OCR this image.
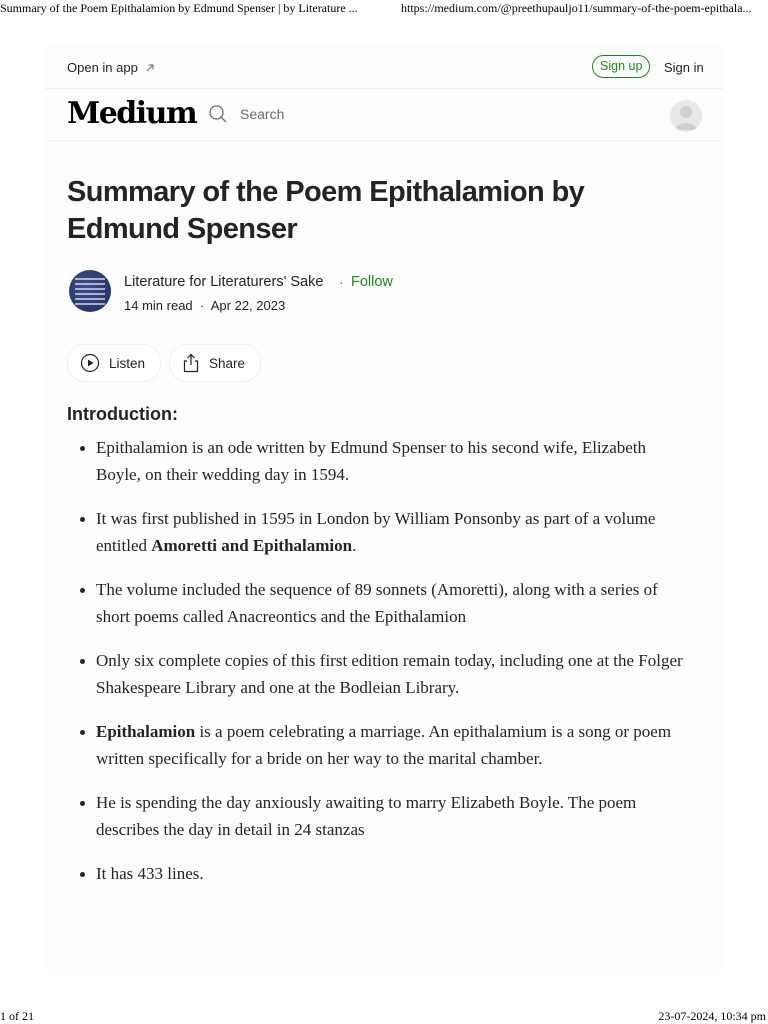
Summary of the Poem Epithalamion by Edmund Spenser | by Literature ...	https://medium.com/@preethupauljo11/summary-of-the-poem-epithala...
Open in app	Sign up	Sign in
Medium	Search
Summary of the Poem Epithalamion by Edmund Spenser
Literature for Literaturers' Sake · Follow
14 min read · Apr 22, 2023
Listen	Share
Introduction:
Epithalamion is an ode written by Edmund Spenser to his second wife, Elizabeth Boyle, on their wedding day in 1594.
It was first published in 1595 in London by William Ponsonby as part of a volume entitled Amoretti and Epithalamion.
The volume included the sequence of 89 sonnets (Amoretti), along with a series of short poems called Anacreontics and the Epithalamion
Only six complete copies of this first edition remain today, including one at the Folger Shakespeare Library and one at the Bodleian Library.
Epithalamion is a poem celebrating a marriage. An epithalamium is a song or poem written specifically for a bride on her way to the marital chamber.
He is spending the day anxiously awaiting to marry Elizabeth Boyle. The poem describes the day in detail in 24 stanzas
It has 433 lines.
1 of 21	23-07-2024, 10:34 pm
